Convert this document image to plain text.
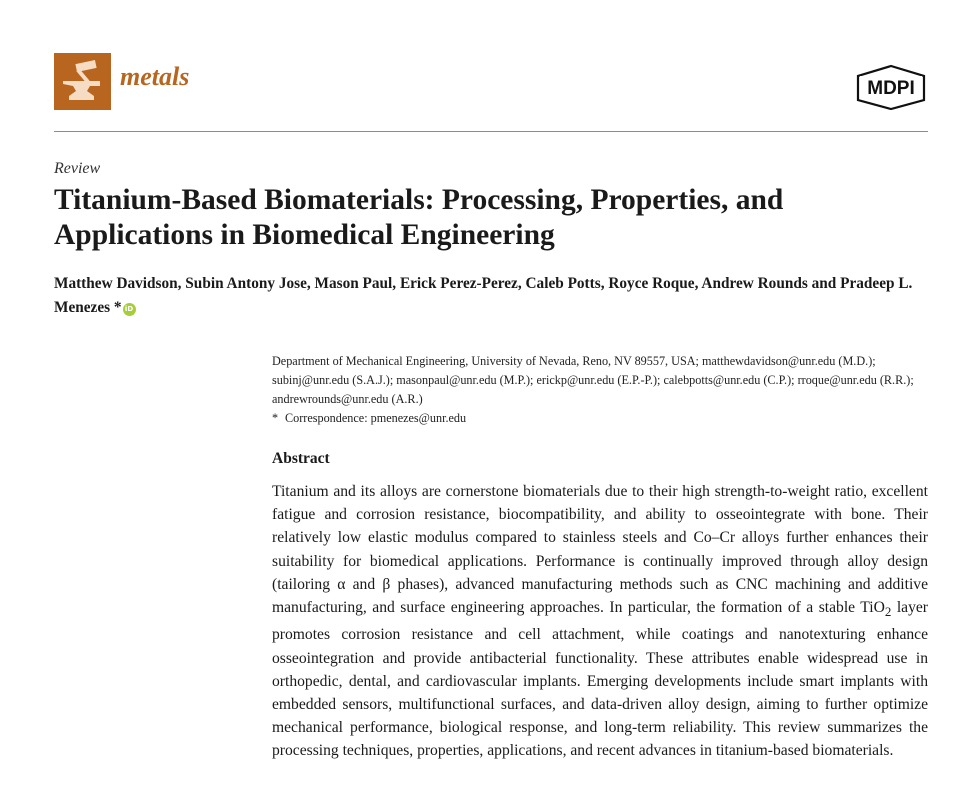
metals	MDPI
Review
Titanium-Based Biomaterials: Processing, Properties, and Applications in Biomedical Engineering
Matthew Davidson, Subin Antony Jose, Mason Paul, Erick Perez-Perez, Caleb Potts, Royce Roque, Andrew Rounds and Pradeep L. Menezes * iD
Department of Mechanical Engineering, University of Nevada, Reno, NV 89557, USA; matthewdavidson@unr.edu (M.D.); subinj@unr.edu (S.A.J.); masonpaul@unr.edu (M.P.); erickp@unr.edu (E.P.-P.); calebpotts@unr.edu (C.P.); rroque@unr.edu (R.R.); andrewrounds@unr.edu (A.R.)
* Correspondence: pmenezes@unr.edu
Abstract
Titanium and its alloys are cornerstone biomaterials due to their high strength-to-weight ratio, excellent fatigue and corrosion resistance, biocompatibility, and ability to osseointegrate with bone. Their relatively low elastic modulus compared to stainless steels and Co–Cr alloys further enhances their suitability for biomedical applications. Performance is continually improved through alloy design (tailoring α and β phases), advanced manufacturing methods such as CNC machining and additive manufacturing, and surface engineering approaches. In particular, the formation of a stable TiO$_2$ layer promotes corrosion resistance and cell attachment, while coatings and nanotexturing enhance osseointegration and provide antibacterial functionality. These attributes enable widespread use in orthopedic, dental, and cardiovascular implants. Emerging developments include smart implants with embedded sensors, multifunctional surfaces, and data-driven alloy design, aiming to further optimize mechanical performance, biological response, and long-term reliability. This review summarizes the processing techniques, properties, applications, and recent advances in titanium-based biomaterials.
